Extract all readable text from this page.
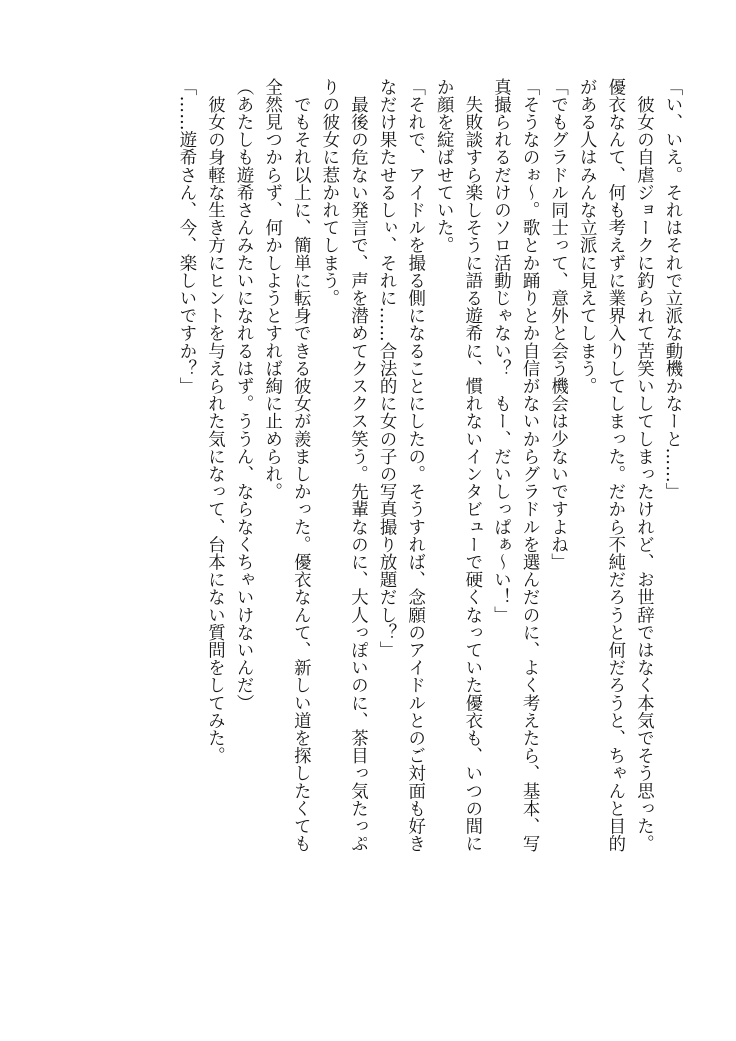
「い、いえ。それはそれで立派な動機かなーと……」
　彼女の自虐ジョークに釣られて苦笑いしてしまったけれど、お世辞ではなく本気でそう思った。
優衣なんて、何も考えずに業界入りしてしまった。だから不純だろうと何だろうと、ちゃんと目的
がある人はみんな立派に見えてしまう。
「でもグラドル同士って、意外と会う機会は少ないですよね」
「そうなのぉ〜。歌とか踊りとか自信がないからグラドルを選んだのに、よく考えたら、基本、写
真撮られるだけのソロ活動じゃない？　もー、だいしっぱぁ〜い！」
　失敗談すら楽しそうに語る遊希に、慣れないインタビューで硬くなっていた優衣も、いつの間に
か顔を綻ばせていた。
「それで、アイドルを撮る側になることにしたの。そうすれば、念願のアイドルとのご対面も好き
なだけ果たせるしぃ、それに……合法的に女の子の写真撮り放題だし？」
　最後の危ない発言で、声を潜めてクスクス笑う。先輩なのに、大人っぽいのに、茶目っ気たっぷ
りの彼女に惹かれてしまう。
　でもそれ以上に、簡単に転身できる彼女が羨ましかった。優衣なんて、新しい道を探したくても
全然見つからず、何かしようとすれば絢に止められ。
（あたしも遊希さんみたいになれるはず。ううん、ならなくちゃいけないんだ）
　彼女の身軽な生き方にヒントを与えられた気になって、台本にない質問をしてみた。
「……遊希さん、今、楽しいですか？」
